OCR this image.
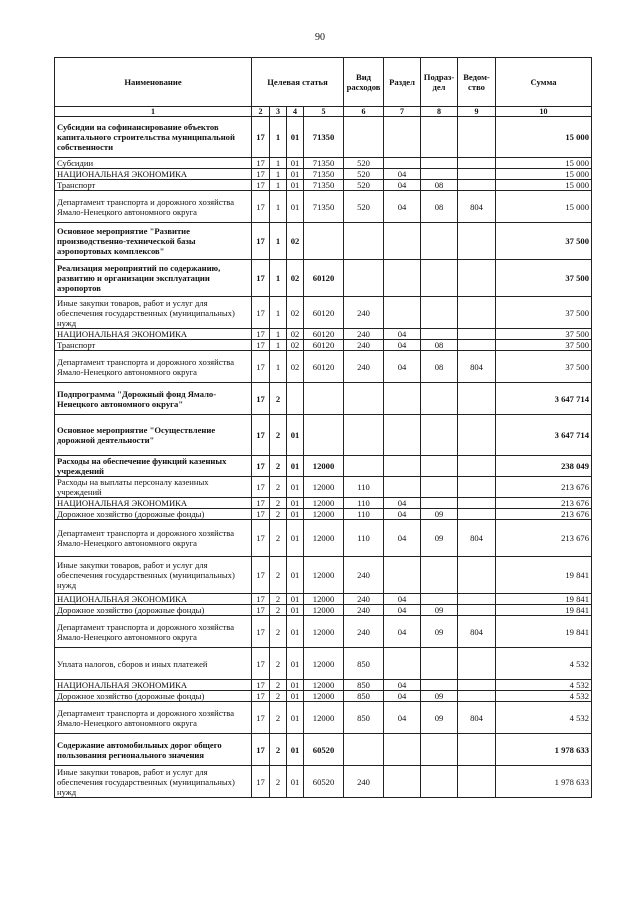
90
Наименование	Целевая статья				Вид расходов	Раздел	Подраз-дел	Ведом-ство	Сумма
1	2	3	4	5	6	7	8	9	10
Субсидии на софинансирование объектов капитального строительства муниципальной собственности	17	1	01	71350					15 000
Субсидии	17	1	01	71350	520				15 000
НАЦИОНАЛЬНАЯ ЭКОНОМИКА	17	1	01	71350	520	04			15 000
Транспорт	17	1	01	71350	520	04	08		15 000
Департамент транспорта и дорожного хозяйства Ямало-Ненецкого автономного округа	17	1	01	71350	520	04	08	804	15 000
Основное мероприятие "Развитие производственно-технической базы аэропортовых комплексов"	17	1	02						37 500
Реализация мероприятий по содержанию, развитию и организации эксплуатации аэропортов	17	1	02	60120					37 500
Иные закупки товаров, работ и услуг для обеспечения государственных (муниципальных) нужд	17	1	02	60120	240				37 500
НАЦИОНАЛЬНАЯ ЭКОНОМИКА	17	1	02	60120	240	04			37 500
Транспорт	17	1	02	60120	240	04	08		37 500
Департамент транспорта и дорожного хозяйства Ямало-Ненецкого автономного округа	17	1	02	60120	240	04	08	804	37 500
Подпрограмма "Дорожный фонд Ямало-Ненецкого автономного округа"	17	2							3 647 714
Основное мероприятие "Осуществление дорожной деятельности"	17	2	01						3 647 714
Расходы на обеспечение функций казенных учреждений	17	2	01	12000					238 049
Расходы на выплаты персоналу казенных учреждений	17	2	01	12000	110				213 676
НАЦИОНАЛЬНАЯ ЭКОНОМИКА	17	2	01	12000	110	04			213 676
Дорожное хозяйство (дорожные фонды)	17	2	01	12000	110	04	09		213 676
Департамент транспорта и дорожного хозяйства Ямало-Ненецкого автономного округа	17	2	01	12000	110	04	09	804	213 676
Иные закупки товаров, работ и услуг для обеспечения государственных (муниципальных) нужд	17	2	01	12000	240				19 841
НАЦИОНАЛЬНАЯ ЭКОНОМИКА	17	2	01	12000	240	04			19 841
Дорожное хозяйство (дорожные фонды)	17	2	01	12000	240	04	09		19 841
Департамент транспорта и дорожного хозяйства Ямало-Ненецкого автономного округа	17	2	01	12000	240	04	09	804	19 841
Уплата налогов, сборов и иных платежей	17	2	01	12000	850				4 532
НАЦИОНАЛЬНАЯ ЭКОНОМИКА	17	2	01	12000	850	04			4 532
Дорожное хозяйство (дорожные фонды)	17	2	01	12000	850	04	09		4 532
Департамент транспорта и дорожного хозяйства Ямало-Ненецкого автономного округа	17	2	01	12000	850	04	09	804	4 532
Содержание автомобильных дорог общего пользования регионального значения	17	2	01	60520					1 978 633
Иные закупки товаров, работ и услуг для обеспечения государственных (муниципальных) нужд	17	2	01	60520	240				1 978 633
